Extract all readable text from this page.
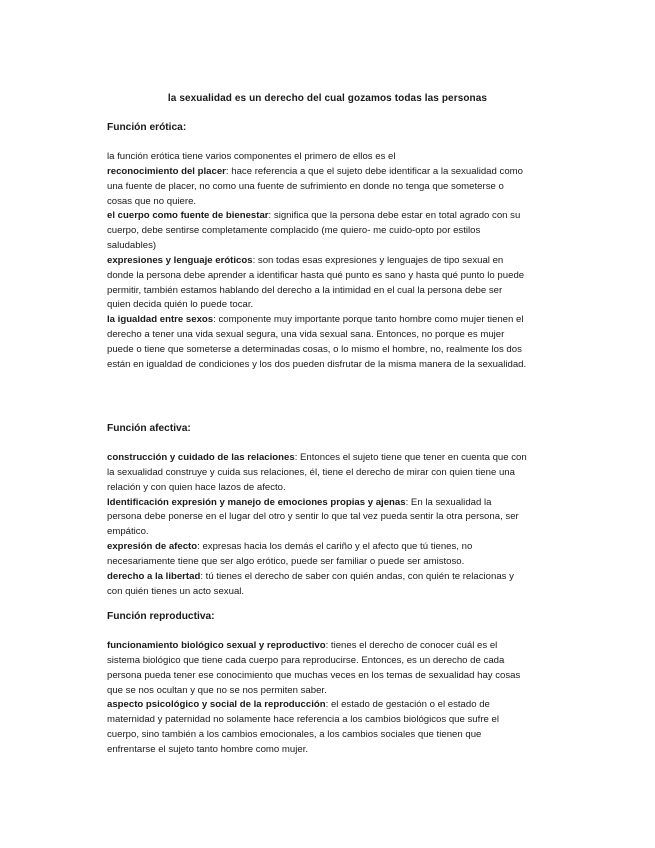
la sexualidad es un derecho del cual gozamos todas las personas
Función erótica:
la función erótica tiene varios componentes el primero de ellos es el
reconocimiento del placer: hace referencia a que el sujeto debe identificar a la sexualidad como una fuente de placer, no como una fuente de sufrimiento en donde no tenga que someterse o cosas que no quiere.
el cuerpo como fuente de bienestar: significa que la persona debe estar en total agrado con su cuerpo, debe sentirse completamente complacido (me quiero- me cuido-opto por estilos saludables)
expresiones y lenguaje eróticos: son todas esas expresiones y lenguajes de tipo sexual en donde la persona debe aprender a identificar hasta qué punto es sano y hasta qué punto lo puede permitir, también estamos hablando del derecho a la intimidad en el cual la persona debe ser quien decida quién lo puede tocar.
la igualdad entre sexos: componente muy importante porque tanto hombre como mujer tienen el derecho a tener una vida sexual segura, una vida sexual sana. Entonces, no porque es mujer puede o tiene que someterse a determinadas cosas, o lo mismo el hombre, no, realmente los dos están en igualdad de condiciones y los dos pueden disfrutar de la misma manera de la sexualidad.
Función afectiva:
construcción y cuidado de las relaciones: Entonces el sujeto tiene que tener en cuenta que con la sexualidad construye y cuida sus relaciones, él, tiene el derecho de mirar con quien tiene una relación y con quien hace lazos de afecto.
Identificación expresión y manejo de emociones propias y ajenas: En la sexualidad la persona debe ponerse en el lugar del otro y sentir lo que tal vez pueda sentir la otra persona, ser empático.
expresión de afecto: expresas hacia los demás el cariño y el afecto que tú tienes, no necesariamente tiene que ser algo erótico, puede ser familiar o puede ser amistoso.
derecho a la libertad: tú tienes el derecho de saber con quién andas, con quién te relacionas y con quién tienes un acto sexual.
Función reproductiva:
funcionamiento biológico sexual y reproductivo: tienes el derecho de conocer cuál es el sistema biológico que tiene cada cuerpo para reproducirse. Entonces, es un derecho de cada persona pueda tener ese conocimiento que muchas veces en los temas de sexualidad hay cosas que se nos ocultan y que no se nos permiten saber.
aspecto psicológico y social de la reproducción: el estado de gestación o el estado de maternidad y paternidad no solamente hace referencia a los cambios biológicos que sufre el cuerpo, sino también a los cambios emocionales, a los cambios sociales que tienen que enfrentarse el sujeto tanto hombre como mujer.
